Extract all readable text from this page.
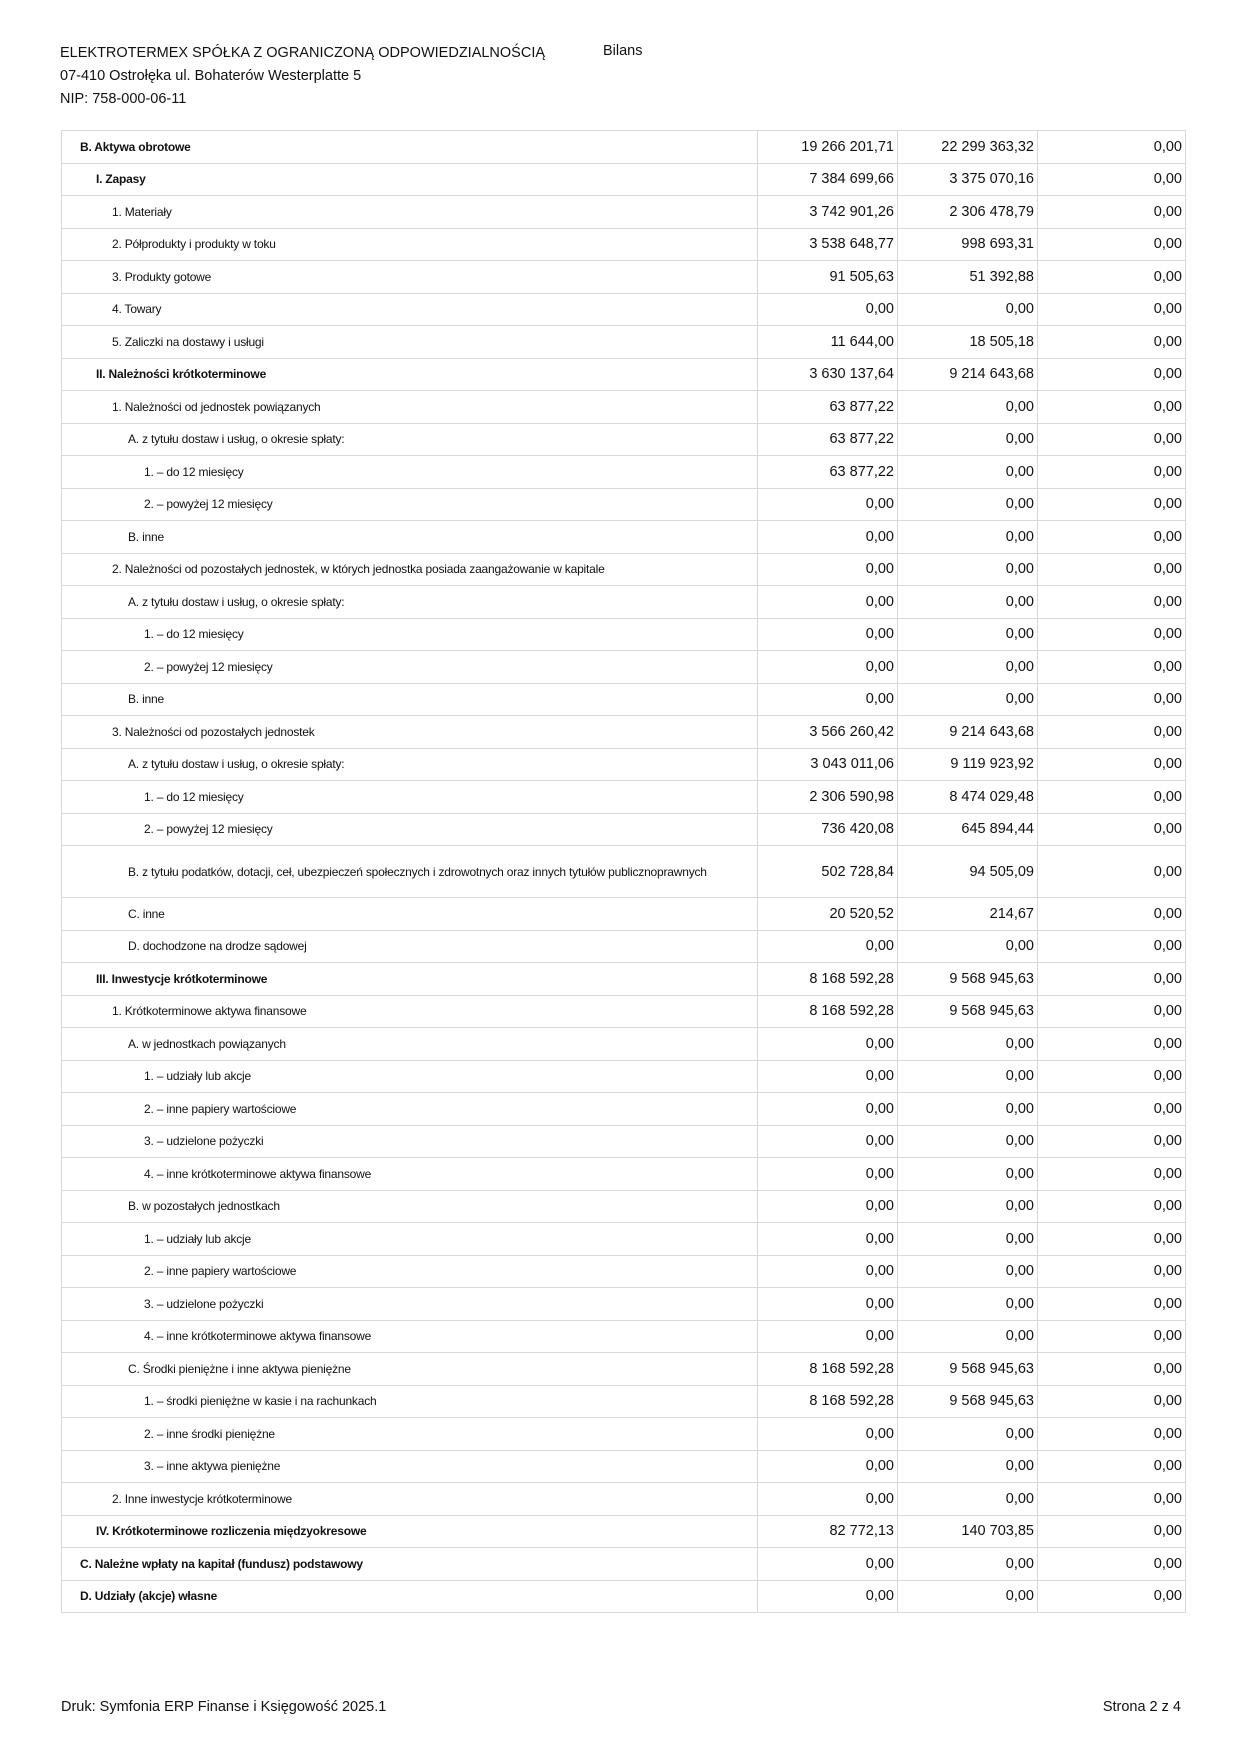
ELEKTROTERMEX SPÓŁKA Z OGRANICZONĄ ODPOWIEDZIALNOŚCIĄ
07-410 Ostrołęka ul. Bohaterów Westerplatte 5
NIP: 758-000-06-11
Bilans
B. Aktywa obrotowe	19 266 201,71	22 299 363,32	0,00
I. Zapasy	7 384 699,66	3 375 070,16	0,00
1. Materiały	3 742 901,26	2 306 478,79	0,00
2. Półprodukty i produkty w toku	3 538 648,77	998 693,31	0,00
3. Produkty gotowe	91 505,63	51 392,88	0,00
4. Towary	0,00	0,00	0,00
5. Zaliczki na dostawy i usługi	11 644,00	18 505,18	0,00
II. Należności krótkoterminowe	3 630 137,64	9 214 643,68	0,00
1. Należności od jednostek powiązanych	63 877,22	0,00	0,00
A. z tytułu dostaw i usług, o okresie spłaty:	63 877,22	0,00	0,00
1. – do 12 miesięcy	63 877,22	0,00	0,00
2. – powyżej 12 miesięcy	0,00	0,00	0,00
B. inne	0,00	0,00	0,00
2. Należności od pozostałych jednostek, w których jednostka posiada zaangażowanie w kapitale	0,00	0,00	0,00
A. z tytułu dostaw i usług, o okresie spłaty:	0,00	0,00	0,00
1. – do 12 miesięcy	0,00	0,00	0,00
2. – powyżej 12 miesięcy	0,00	0,00	0,00
B. inne	0,00	0,00	0,00
3. Należności od pozostałych jednostek	3 566 260,42	9 214 643,68	0,00
A. z tytułu dostaw i usług, o okresie spłaty:	3 043 011,06	9 119 923,92	0,00
1. – do 12 miesięcy	2 306 590,98	8 474 029,48	0,00
2. – powyżej 12 miesięcy	736 420,08	645 894,44	0,00
B. z tytułu podatków, dotacji, ceł, ubezpieczeń społecznych i zdrowotnych oraz innych tytułów publicznoprawnych	502 728,84	94 505,09	0,00
C. inne	20 520,52	214,67	0,00
D. dochodzone na drodze sądowej	0,00	0,00	0,00
III. Inwestycje krótkoterminowe	8 168 592,28	9 568 945,63	0,00
1. Krótkoterminowe aktywa finansowe	8 168 592,28	9 568 945,63	0,00
A. w jednostkach powiązanych	0,00	0,00	0,00
1. – udziały lub akcje	0,00	0,00	0,00
2. – inne papiery wartościowe	0,00	0,00	0,00
3. – udzielone pożyczki	0,00	0,00	0,00
4. – inne krótkoterminowe aktywa finansowe	0,00	0,00	0,00
B. w pozostałych jednostkach	0,00	0,00	0,00
1. – udziały lub akcje	0,00	0,00	0,00
2. – inne papiery wartościowe	0,00	0,00	0,00
3. – udzielone pożyczki	0,00	0,00	0,00
4. – inne krótkoterminowe aktywa finansowe	0,00	0,00	0,00
C. Środki pieniężne i inne aktywa pieniężne	8 168 592,28	9 568 945,63	0,00
1. – środki pieniężne w kasie i na rachunkach	8 168 592,28	9 568 945,63	0,00
2. – inne środki pieniężne	0,00	0,00	0,00
3. – inne aktywa pieniężne	0,00	0,00	0,00
2. Inne inwestycje krótkoterminowe	0,00	0,00	0,00
IV. Krótkoterminowe rozliczenia międzyokresowe	82 772,13	140 703,85	0,00
C. Należne wpłaty na kapitał (fundusz) podstawowy	0,00	0,00	0,00
D. Udziały (akcje) własne	0,00	0,00	0,00
Druk: Symfonia ERP Finanse i Księgowość 2025.1	Strona 2 z 4
